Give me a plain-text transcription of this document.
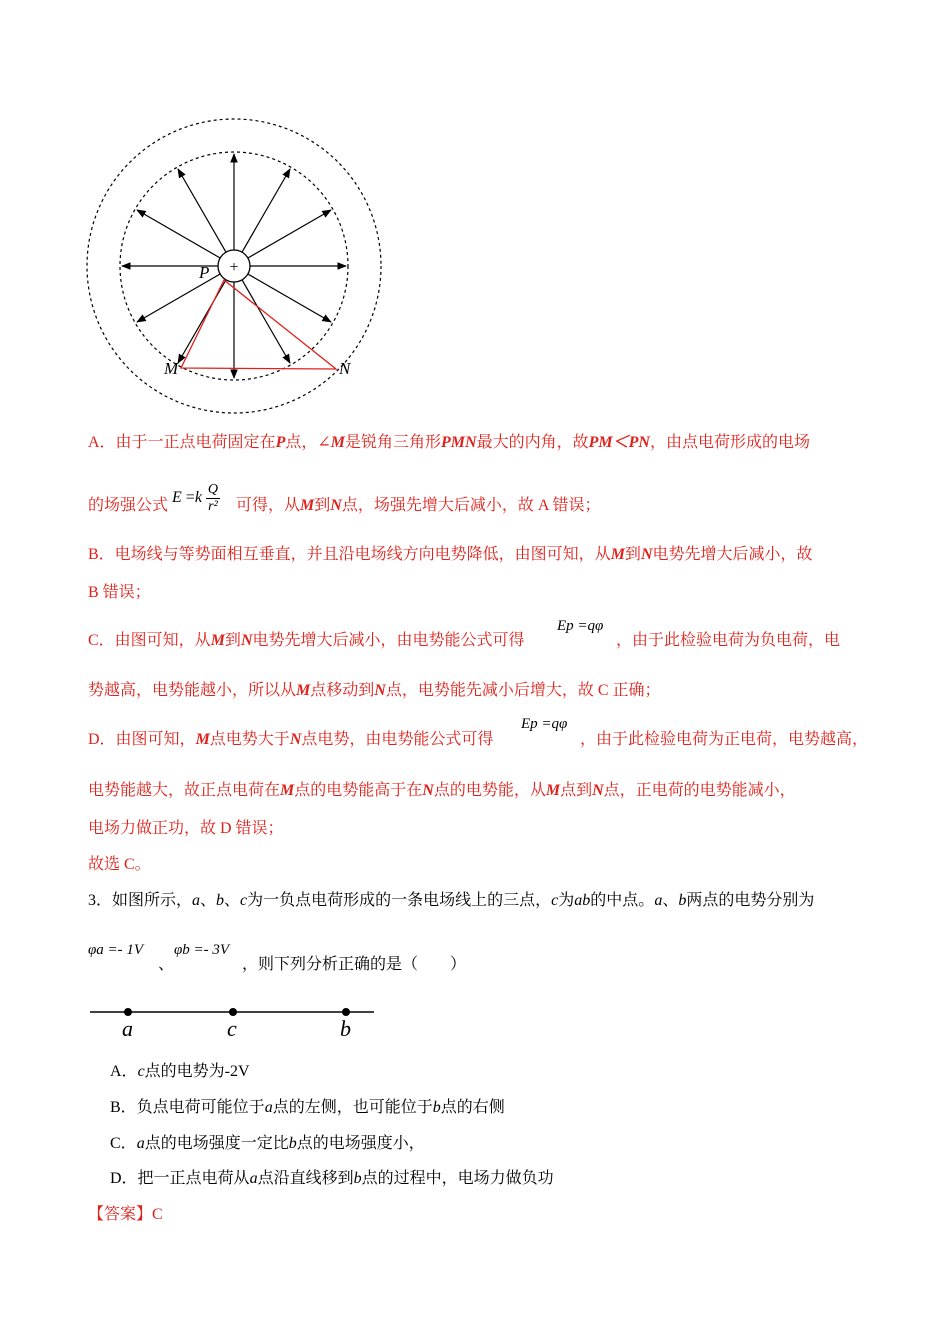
+
P
M	N
A．由于一正点电荷固定在P点，∠M是锐角三角形PMN最大的内角，故PM＜PN，由点电荷形成的电场
的场强公式 $E =k \frac{Q}{\text{r²}}$ 可得，从M到N点，场强先增大后减小，故 A 错误；
B．电场线与等势面相互垂直，并且沿电场线方向电势降低，由图可知，从M到N电势先增大后减小，故
B 错误；
C．由图可知，从M到N电势先增大后减小，由电势能公式可得
Ep =qφ
，由于此检验电荷为负电荷，电
势越高，电势能越小，所以从M点移动到N点，电势能先减小后增大，故 C 正确；
D．由图可知，M点电势大于N点电势，由电势能公式可得
Ep =qφ
，由于此检验电荷为正电荷，电势越高，
电势能越大，故正点电荷在M点的电势能高于在N点的电势能，从M点到N点，正电荷的电势能减小，
电场力做正功，故 D 错误；
故选 C。
3．如图所示，a、b、c为一负点电荷形成的一条电场线上的三点，c为ab的中点。a、b两点的电势分别为
φa =- 1V
、
φb =- 3V
，则下列分析正确的是（　　）
a	c	b
A．c点的电势为-2V
B．负点电荷可能位于a点的左侧，也可能位于b点的右侧
C．a点的电场强度一定比b点的电场强度小，
D．把一正点电荷从a点沿直线移到b点的过程中，电场力做负功
【答案】C
